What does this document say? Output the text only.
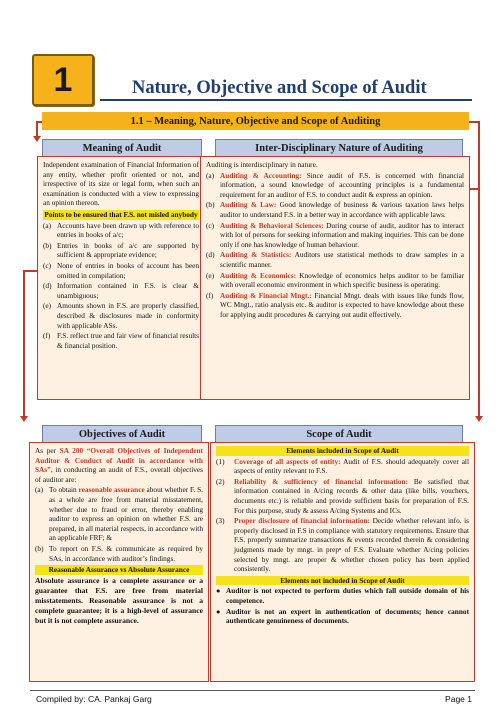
1	Nature, Objective and Scope of Audit
1.1 – Meaning, Nature, Objective and Scope of Auditing
Meaning of Audit
Independent examination of Financial Information of any entity, whether profit oriented or not, and irrespective of its size or legal form, when such an examination is conducted with a view to expressing an opinion thereon.
Points to be ensured that F.S. not misled anybody
(a) Accounts have been drawn up with reference to entries in books of a/c;
(b) Entries in books of a/c are supported by sufficient & appropriate evidence;
(c) None of entries in books of account has been omitted in compilation;
(d) Information contained in F.S. is clear & unambiguous;
(e) Amounts shown in F.S. are properly classified, described & disclosures made in conformity with applicable ASs.
(f) F.S. reflect true and fair view of financial results & financial position.
Inter-Disciplinary Nature of Auditing
Auditing is interdisciplinary in nature.
(a) Auditing & Accounting: Since audit of F.S. is concerned with financial information, a sound knowledge of accounting principles is a fundamental requirement for an auditor of F.S. to conduct audit & express an opinion.
(b) Auditing & Law: Good knowledge of business & various taxation laws helps auditor to understand F.S. in a better way in accordance with applicable laws.
(c) Auditing & Behavioral Sciences: During course of audit, auditor has to interact with lot of persons for seeking information and making inquiries. This can be done only if one has knowledge of human behaviour.
(d) Auditing & Statistics: Auditors use statistical methods to draw samples in a scientific manner.
(e) Auditing & Economics: Knowledge of economics helps auditor to be familiar with overall economic environment in which specific business is operating.
(f) Auditing & Financial Mngt.: Financial Mngt. deals with issues like funds flow, WC Mngt., ratio analysis etc. & auditor is expected to have knowledge about these for applying audit procedures & carrying out audit effectively.
Objectives of Audit
As per SA 200 “Overall Objectives of Independent Auditor & Conduct of Audit in accordance with SAs”, in conducting an audit of F.S., overall objectives of auditor are:
(a) To obtain reasonable assurance about whether F. S. as a whole are free from material misstatement, whether due to fraud or error, thereby enabling auditor to express an opinion on whether F.S. are prepared, in all material respects, in accordance with an applicable FRF; &
(b) To report on F.S. & communicate as required by SAs, in accordance with auditor’s findings.
Reasonable Assurance vs Absolute Assurance
Absolute assurance is a complete assurance or a guarantee that F.S. are free from material misstatements. Reasonable assurance is not a complete guarantee; it is a high-level of assurance but it is not complete assurance.
Scope of Audit
Elements included in Scope of Audit
(1)	Coverage of all aspects of entity: Audit of F.S. should adequately cover all aspects of entity relevant to F.S.
(2)	Reliability & sufficiency of financial information: Be satisfied that information contained in A/cing records & other data (like bills, vouchers, documents etc.) is reliable and provide sufficient basis for preparation of F.S. For this purpose, study & assess A/cing Systems and ICs.
(3)	Proper disclosure of financial information: Decide whether relevant info. is properly disclosed in F.S in compliance with statutory requirements. Ensure that F.S. properly summarize transactions & events recorded therein & considering judgments made by mngt. in prepⁿ of F.S. Evaluate whether A/cing policies selected by mngt. are proper & whether chosen policy has been applied consistently.
Elements not included in Scope of Audit
● Auditor is not expected to perform duties which fall outside domain of his competence.
● Auditor is not an expert in authentication of documents; hence cannot authenticate genuineness of documents.
Compiled by: CA. Pankaj Garg	Page 1
